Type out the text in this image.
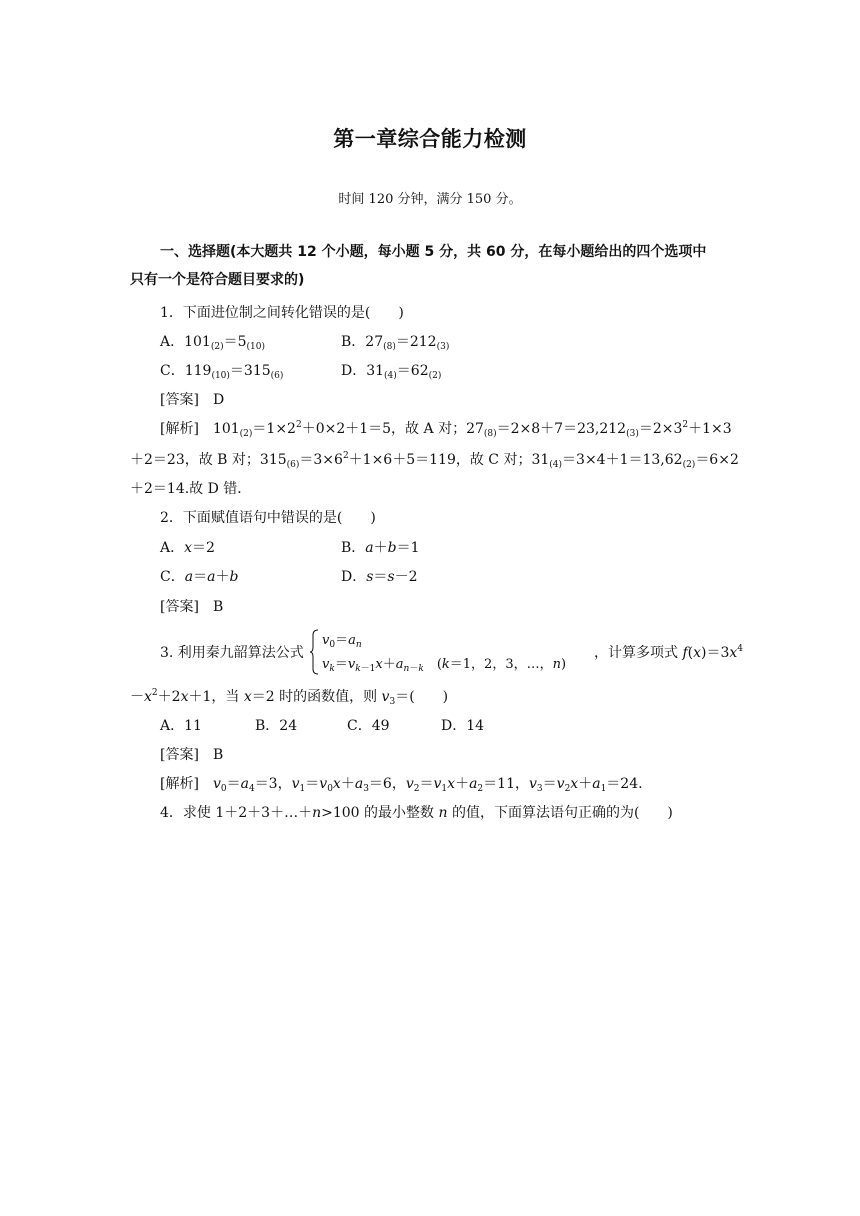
第一章综合能力检测
时间 120 分钟，满分 150 分。
一、选择题(本大题共 12 个小题，每小题 5 分，共 60 分，在每小题给出的四个选项中
只有一个是符合题目要求的)
1．下面进位制之间转化错误的是(　　)
A．$101_{(2)}=5_{(10)}$	B．$27_{(8)}=212_{(3)}$
C．$119_{(10)}=315_{(6)}$	D．$31_{(4)}=62_{(2)}$
[答案]　 D
[解析]　$101_{(2)}=1\times 2^2+0\times 2+1=5$，故 A 对；$27_{(8)}=2\times 8+7=23,212_{(3)}=2\times 3^2+1\times 3$
＋2＝23，故 B 对；$315_{(6)}=3\times 6^2+1\times 6+5=119$，故 C 对；$31_{(4)}=3\times 4+1=13,62_{(2)}=6\times 2$
＋2＝14.故 D 错．
2．下面赋值语句中错误的是(　　)
A．x＝2	B．a＋b＝1
C．a＝a＋b	D．s＝s－2
[答案]　 B
3. 利用秦九韶算法公式
$v_0=a_n$
$v_k=v_{k-1}x+a_{n-k}$　(k＝1，2，3，…，n)
，计算多项式 $f(x)=3x^4$
$-x^2+2x+1$，当 x＝2 时的函数值，则 $v_3=$(　　)
A．11	B．24	C．49	D．14
[答案]　 B
[解析]　 $v_0=a_4=3$，$v_1=v_0x+a_3=6$，$v_2=v_1x+a_2=11$，$v_3=v_2x+a_1=24$.
4．求使 1＋2＋3＋…＋n>100 的最小整数 n 的值，下面算法语句正确的为(　　)
